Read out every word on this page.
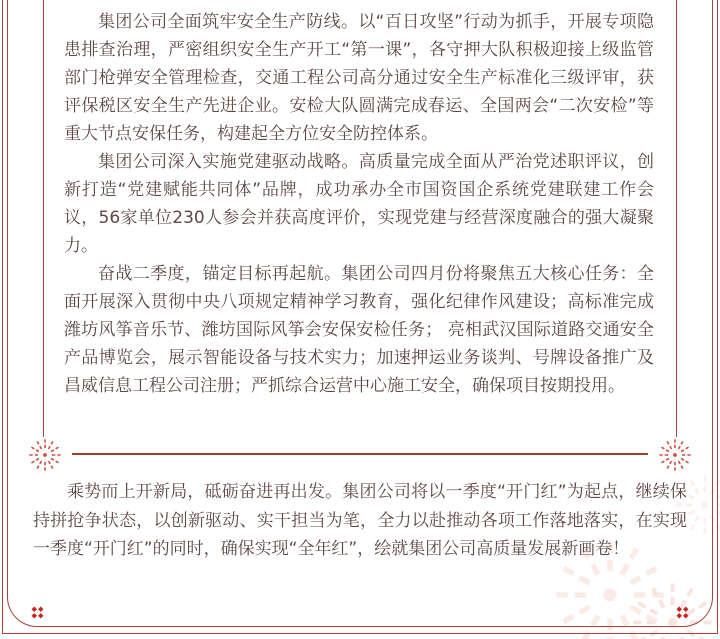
集团公司全面筑牢安全生产防线。以“百日攻坚”行动为抓手，开展专项隐患排查治理，严密组织安全生产开工“第一课”，各守押大队积极迎接上级监管部门枪弹安全管理检查，交通工程公司高分通过安全生产标准化三级评审，获评保税区安全生产先进企业。安检大队圆满完成春运、全国两会“二次安检”等重大节点安保任务，构建起全方位安全防控体系。

集团公司深入实施党建驱动战略。高质量完成全面从严治党述职评议，创新打造“党建赋能共同体”品牌，成功承办全市国资国企系统党建联建工作会议，56家单位230人参会并获高度评价，实现党建与经营深度融合的强大凝聚力。

奋战二季度，锚定目标再起航。集团公司四月份将聚焦五大核心任务：全面开展深入贯彻中央八项规定精神学习教育，强化纪律作风建设；高标准完成潍坊风筝音乐节、潍坊国际风筝会安保安检任务； 亮相武汉国际道路交通安全产品博览会，展示智能设备与技术实力；加速押运业务谈判、号牌设备推广及昌威信息工程公司注册；严抓综合运营中心施工安全，确保项目按期投用。

乘势而上开新局，砥砺奋进再出发。集团公司将以一季度“开门红”为起点，继续保持拼抢争状态，以创新驱动、实干担当为笔，全力以赴推动各项工作落地落实，在实现一季度“开门红”的同时，确保实现“全年红”，绘就集团公司高质量发展新画卷！
